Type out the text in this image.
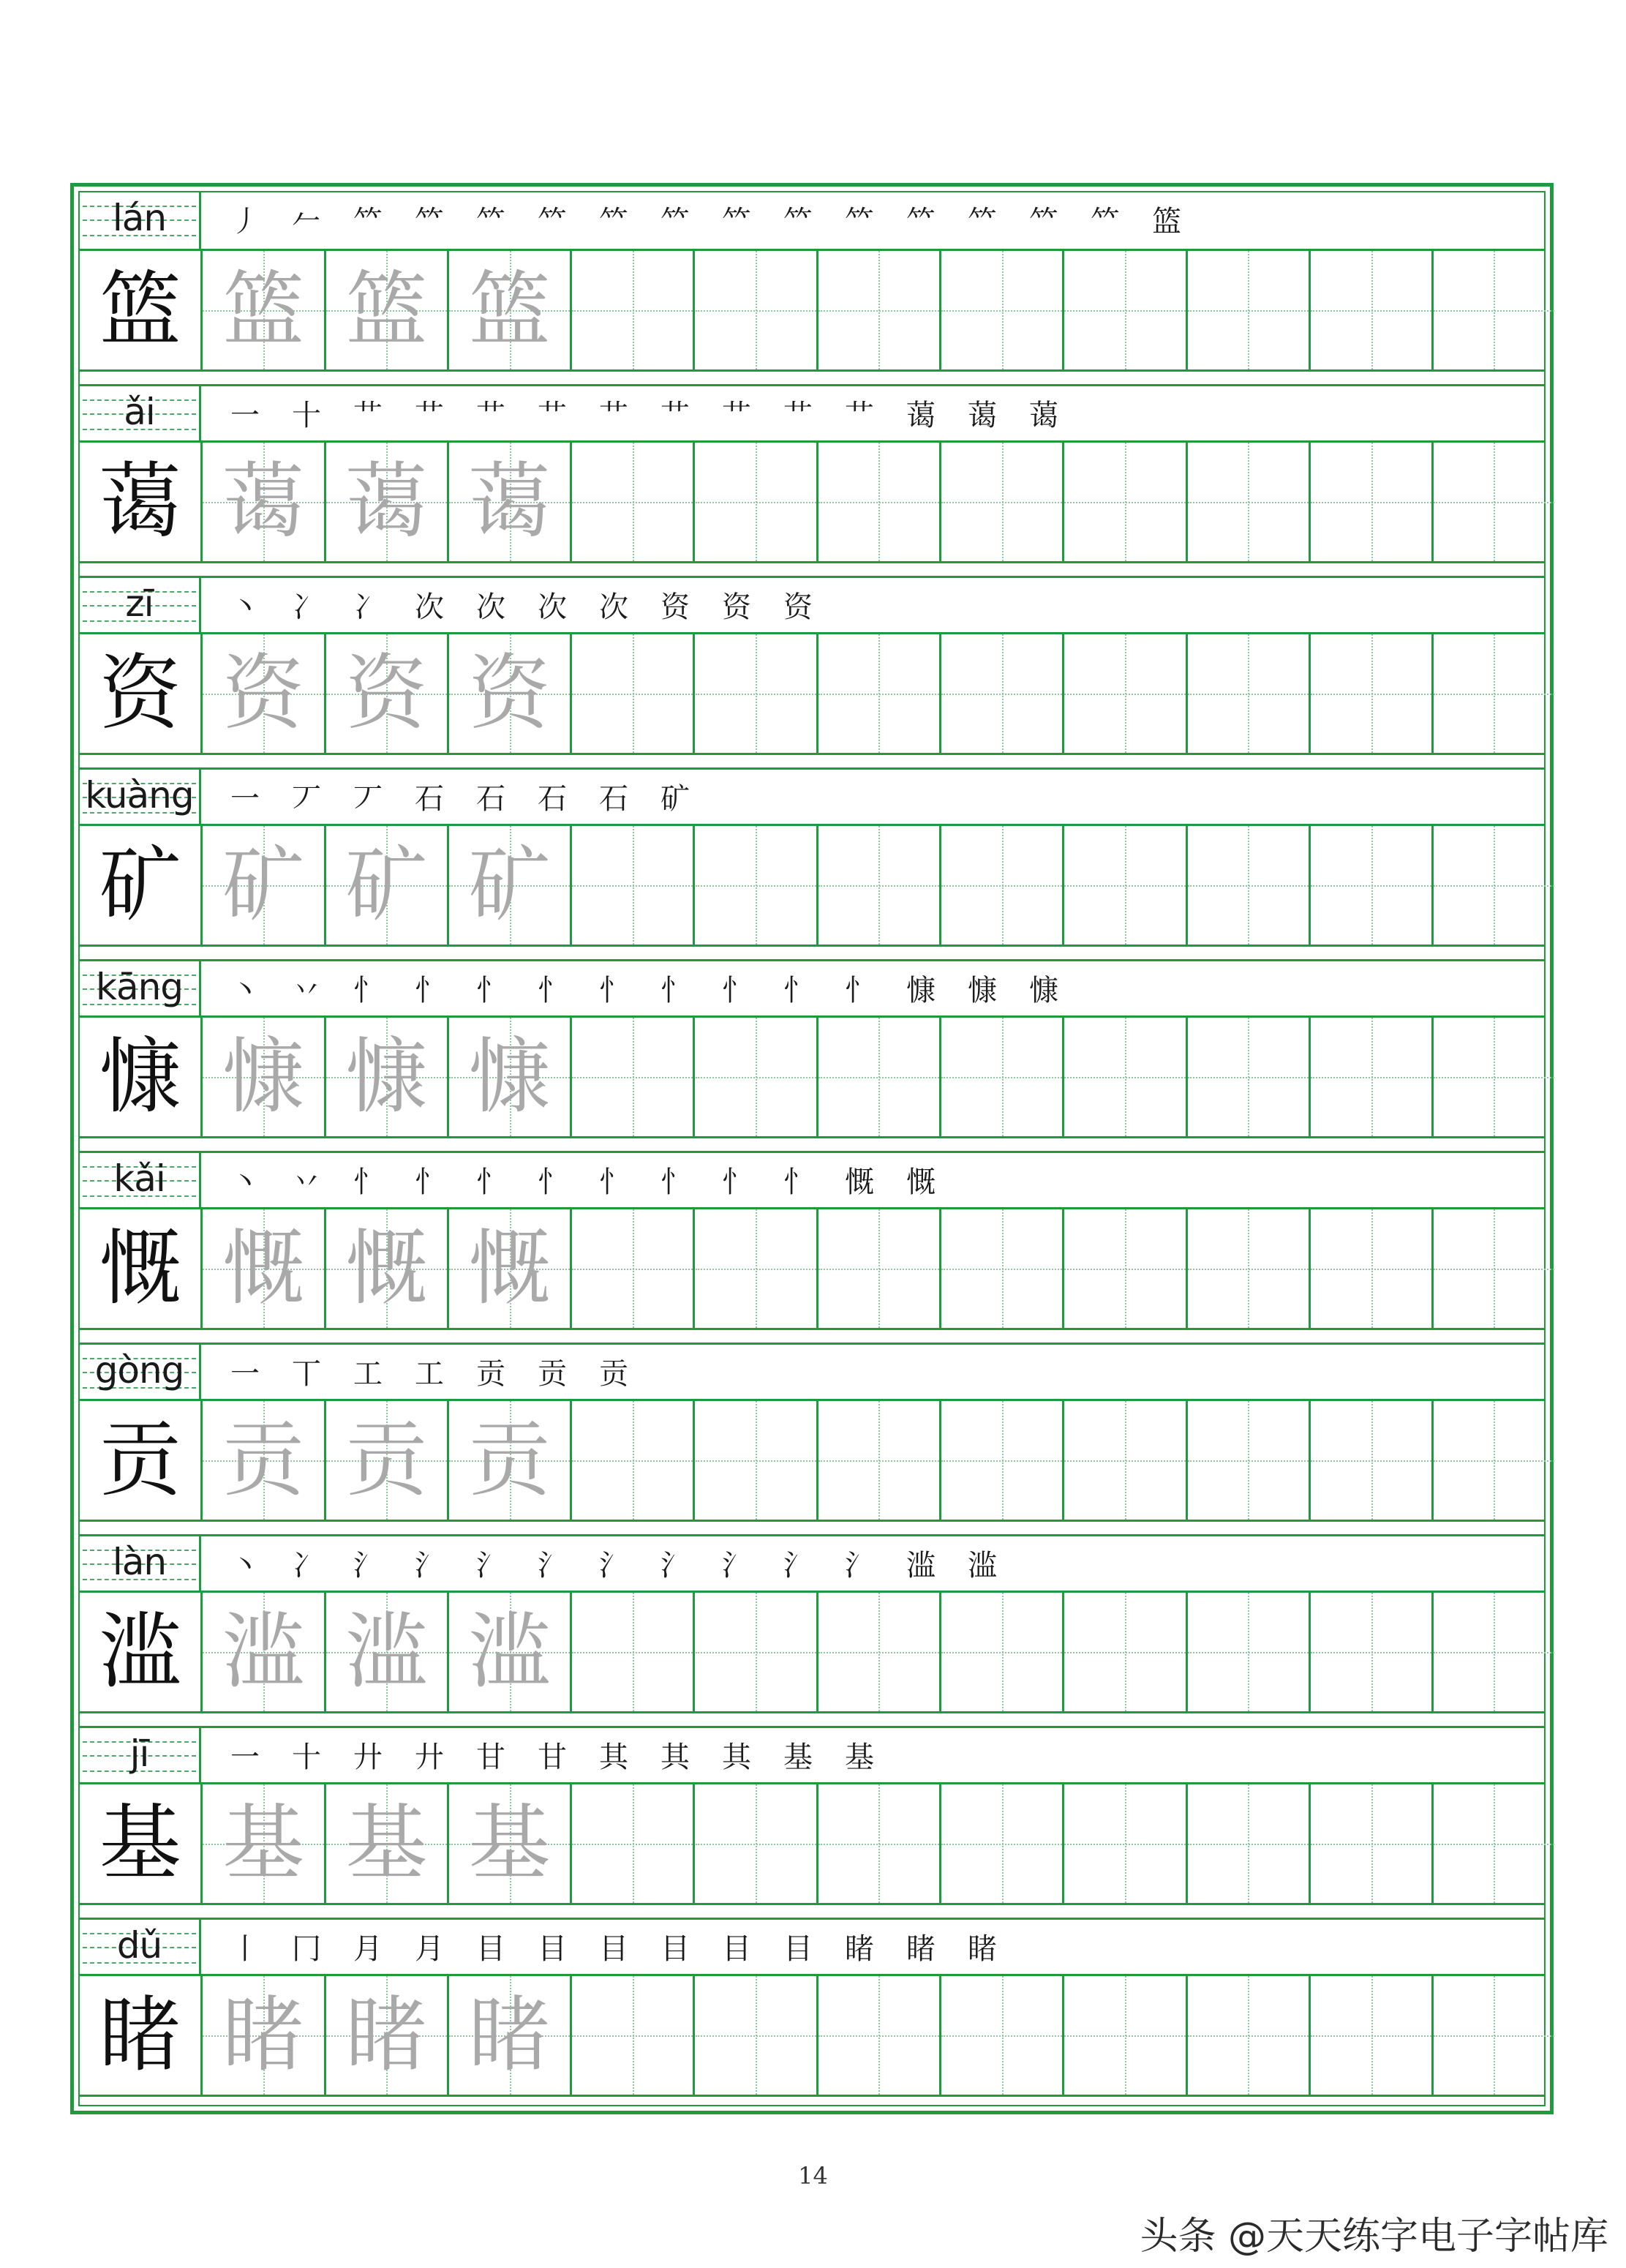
lán	丿 𠂉 𥫗 𥫗 𥫗 𥫗 𥫗 𥫗 𥫗 𥫗 𥫗 𥫗 𥫗 𥫗 𥫗 篮
篮 篮 篮 篮
ǎi	一 十 艹 艹 艹 艹 艹 艹 艹 艹 艹 蔼 蔼 蔼
蔼 蔼 蔼 蔼
zī	丶 冫 冫 次 次 次 次 资 资 资
资 资 资 资
kuàng	一 丆 丆 石 石 石 石 矿
矿 矿 矿 矿
kāng	丶 丷 忄 忄 忄 忄 忄 忄 忄 忄 忄 慷 慷 慷
慷 慷 慷 慷
kǎi	丶 丷 忄 忄 忄 忄 忄 忄 忄 忄 慨 慨
慨 慨 慨 慨
gòng	一 丅 工 工 贡 贡 贡
贡 贡 贡 贡
làn	丶 冫 氵 氵 氵 氵 氵 氵 氵 氵 氵 滥 滥
滥 滥 滥 滥
jī	一 十 廾 廾 甘 甘 其 其 其 基 基
基 基 基 基
dǔ	丨 冂 月 月 目 目 目 目 目 目 睹 睹 睹
睹 睹 睹 睹
14
头条 @天天练字电子字帖库
